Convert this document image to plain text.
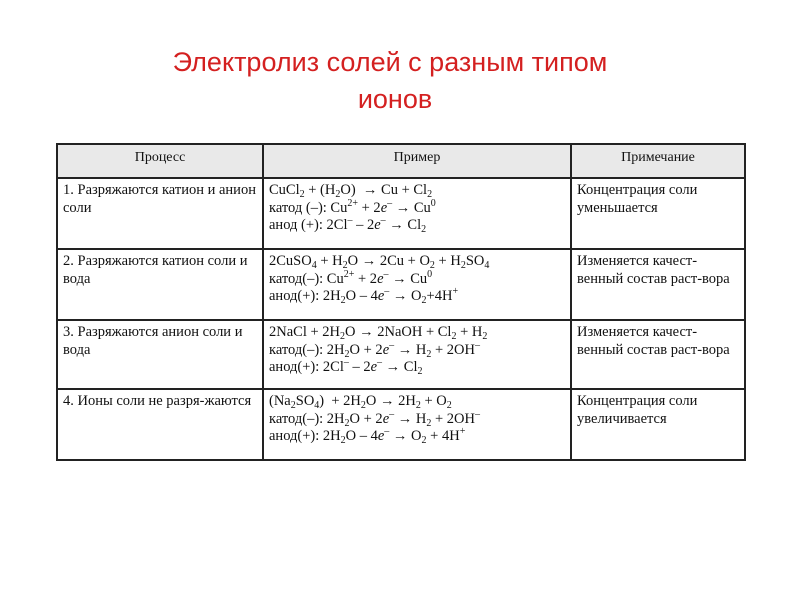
Электролиз солей с разным типом
ионов
Процесс	Пример	Примечание
1. Разряжаются катион и анион соли	CuCl$_2$ + $(H_2O) \to Cu + Cl_2$
катод (–): $Cu^{2+} + 2e^- \to Cu^0$
анод (+): $2Cl^- - 2e^- \to Cl_2$	Концентрация соли уменьшается
2. Разряжаются катион соли и вода	2CuSO$_4$ + $H_2O \to 2Cu + O_2 + H_2SO_4$
катод(–): $Cu^{2+} + 2e^- \to Cu^0$
анод(+): $2H_2O - 4e^- \to O_2+4H^+$	Изменяется качест-венный состав раст-вора
3. Разряжаются анион соли и вода	2NaCl + $2H_2O$ → 2NaOH + $Cl_2 + H_2$
катод(–): $2H_2O + 2e^- \to H_2 + 2OH^-$
анод(+): $2Cl^- - 2e^- \to Cl_2$	Изменяется качест-венный состав раст-вора
4. Ионы соли не разря-жаются	$(Na_2SO_4) + 2H_2O \to 2H_2 + O_2$
катод(–): $2H_2O + 2e^- \to H_2 + 2OH^-$
анод(+): $2H_2O - 4e^- \to O_2 + 4H^+$	Концентрация соли увеличивается
